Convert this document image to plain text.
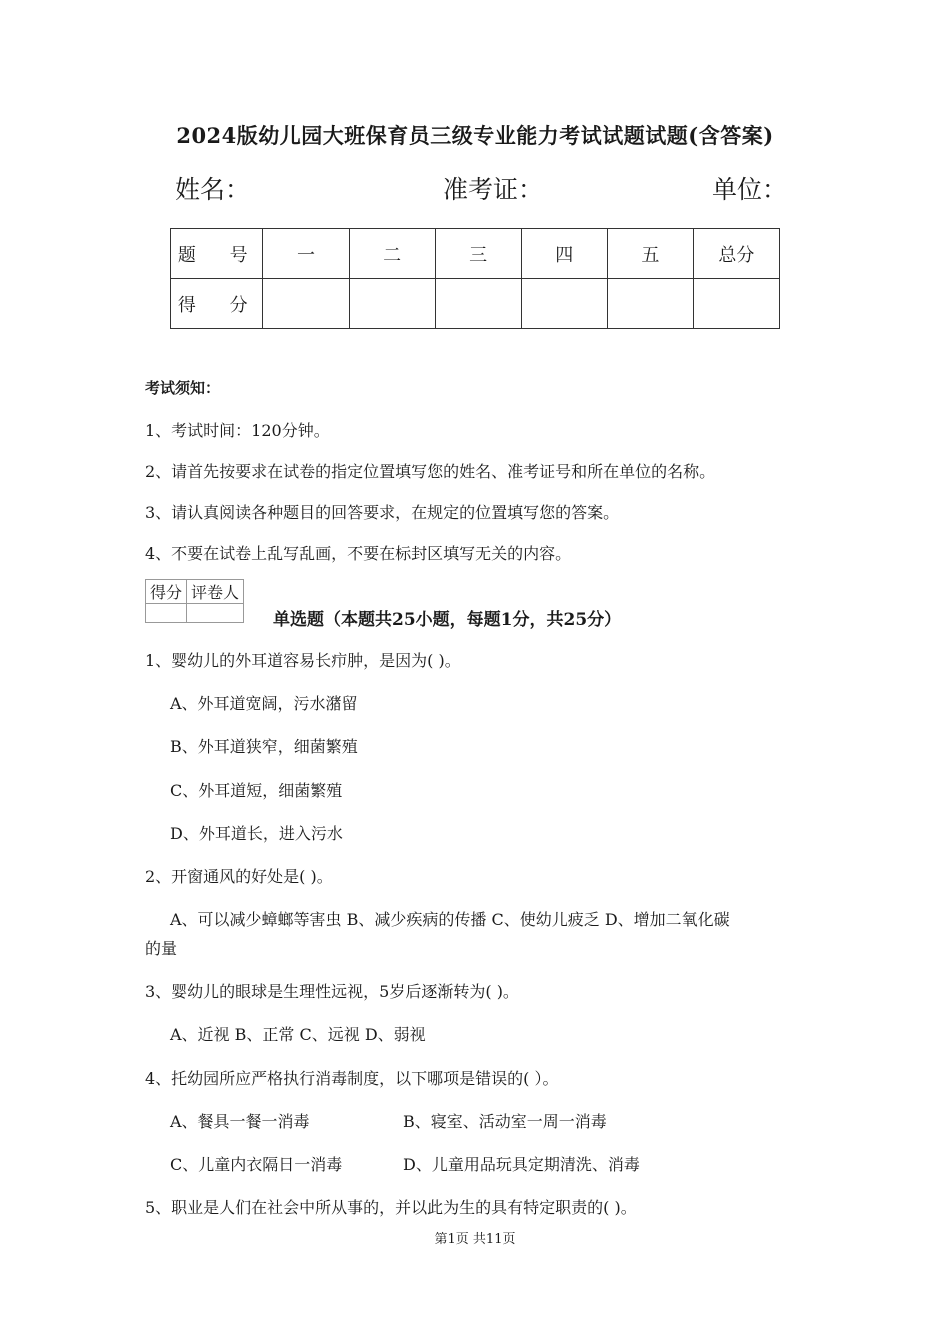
2024版幼儿园大班保育员三级专业能力考试试题试题(含答案)
姓名：	准考证：	单位：
题 号	一	二	三	四	五	总分
得 分						
考试须知：
1、考试时间：120分钟。
2、请首先按要求在试卷的指定位置填写您的姓名、准考证号和所在单位的名称。
3、请认真阅读各种题目的回答要求，在规定的位置填写您的答案。
4、不要在试卷上乱写乱画，不要在标封区填写无关的内容。
得分	评卷人

单选题（本题共25小题，每题1分，共25分）
1、婴幼儿的外耳道容易长疖肿，是因为( )。
A、外耳道宽阔，污水潴留
B、外耳道狭窄，细菌繁殖
C、外耳道短，细菌繁殖
D、外耳道长，进入污水
2、开窗通风的好处是( )。
A、可以减少蟑螂等害虫 B、减少疾病的传播 C、使幼儿疲乏 D、增加二氧化碳
的量
3、婴幼儿的眼球是生理性远视，5岁后逐渐转为( )。
A、近视 B、正常 C、远视 D、弱视
4、托幼园所应严格执行消毒制度，以下哪项是错误的( ）。
A、餐具一餐一消毒	B、寝室、活动室一周一消毒
C、儿童内衣隔日一消毒	D、儿童用品玩具定期清洗、消毒
5、职业是人们在社会中所从事的，并以此为生的具有特定职责的( )。
第1页 共11页
